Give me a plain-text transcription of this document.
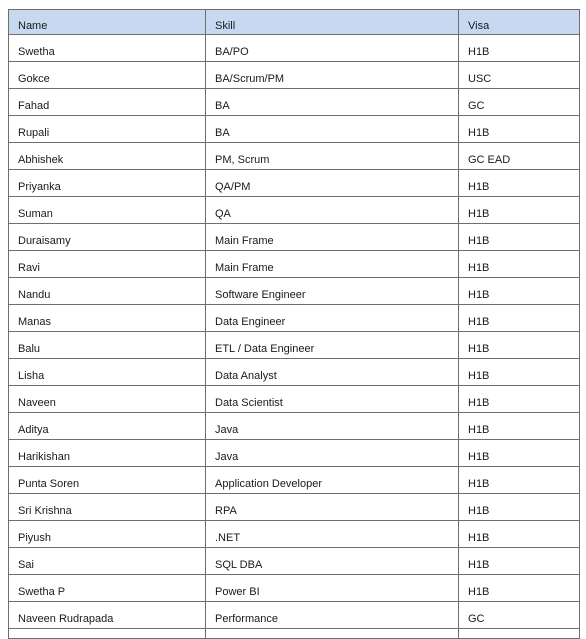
Name	Skill	Visa
Swetha	BA/PO	H1B
Gokce	BA/Scrum/PM	USC
Fahad	BA	GC
Rupali	BA	H1B
Abhishek	PM, Scrum	GC EAD
Priyanka	QA/PM	H1B
Suman	QA	H1B
Duraisamy	Main Frame	H1B
Ravi	Main Frame	H1B
Nandu	Software Engineer	H1B
Manas	Data Engineer	H1B
Balu	ETL / Data Engineer	H1B
Lisha	Data Analyst	H1B
Naveen	Data Scientist	H1B
Aditya	Java	H1B
Harikishan	Java	H1B
Punta Soren	Application Developer	H1B
Sri Krishna	RPA	H1B
Piyush	.NET	H1B
Sai	SQL DBA	H1B
Swetha P	Power BI	H1B
Naveen Rudrapada	Performance	GC
